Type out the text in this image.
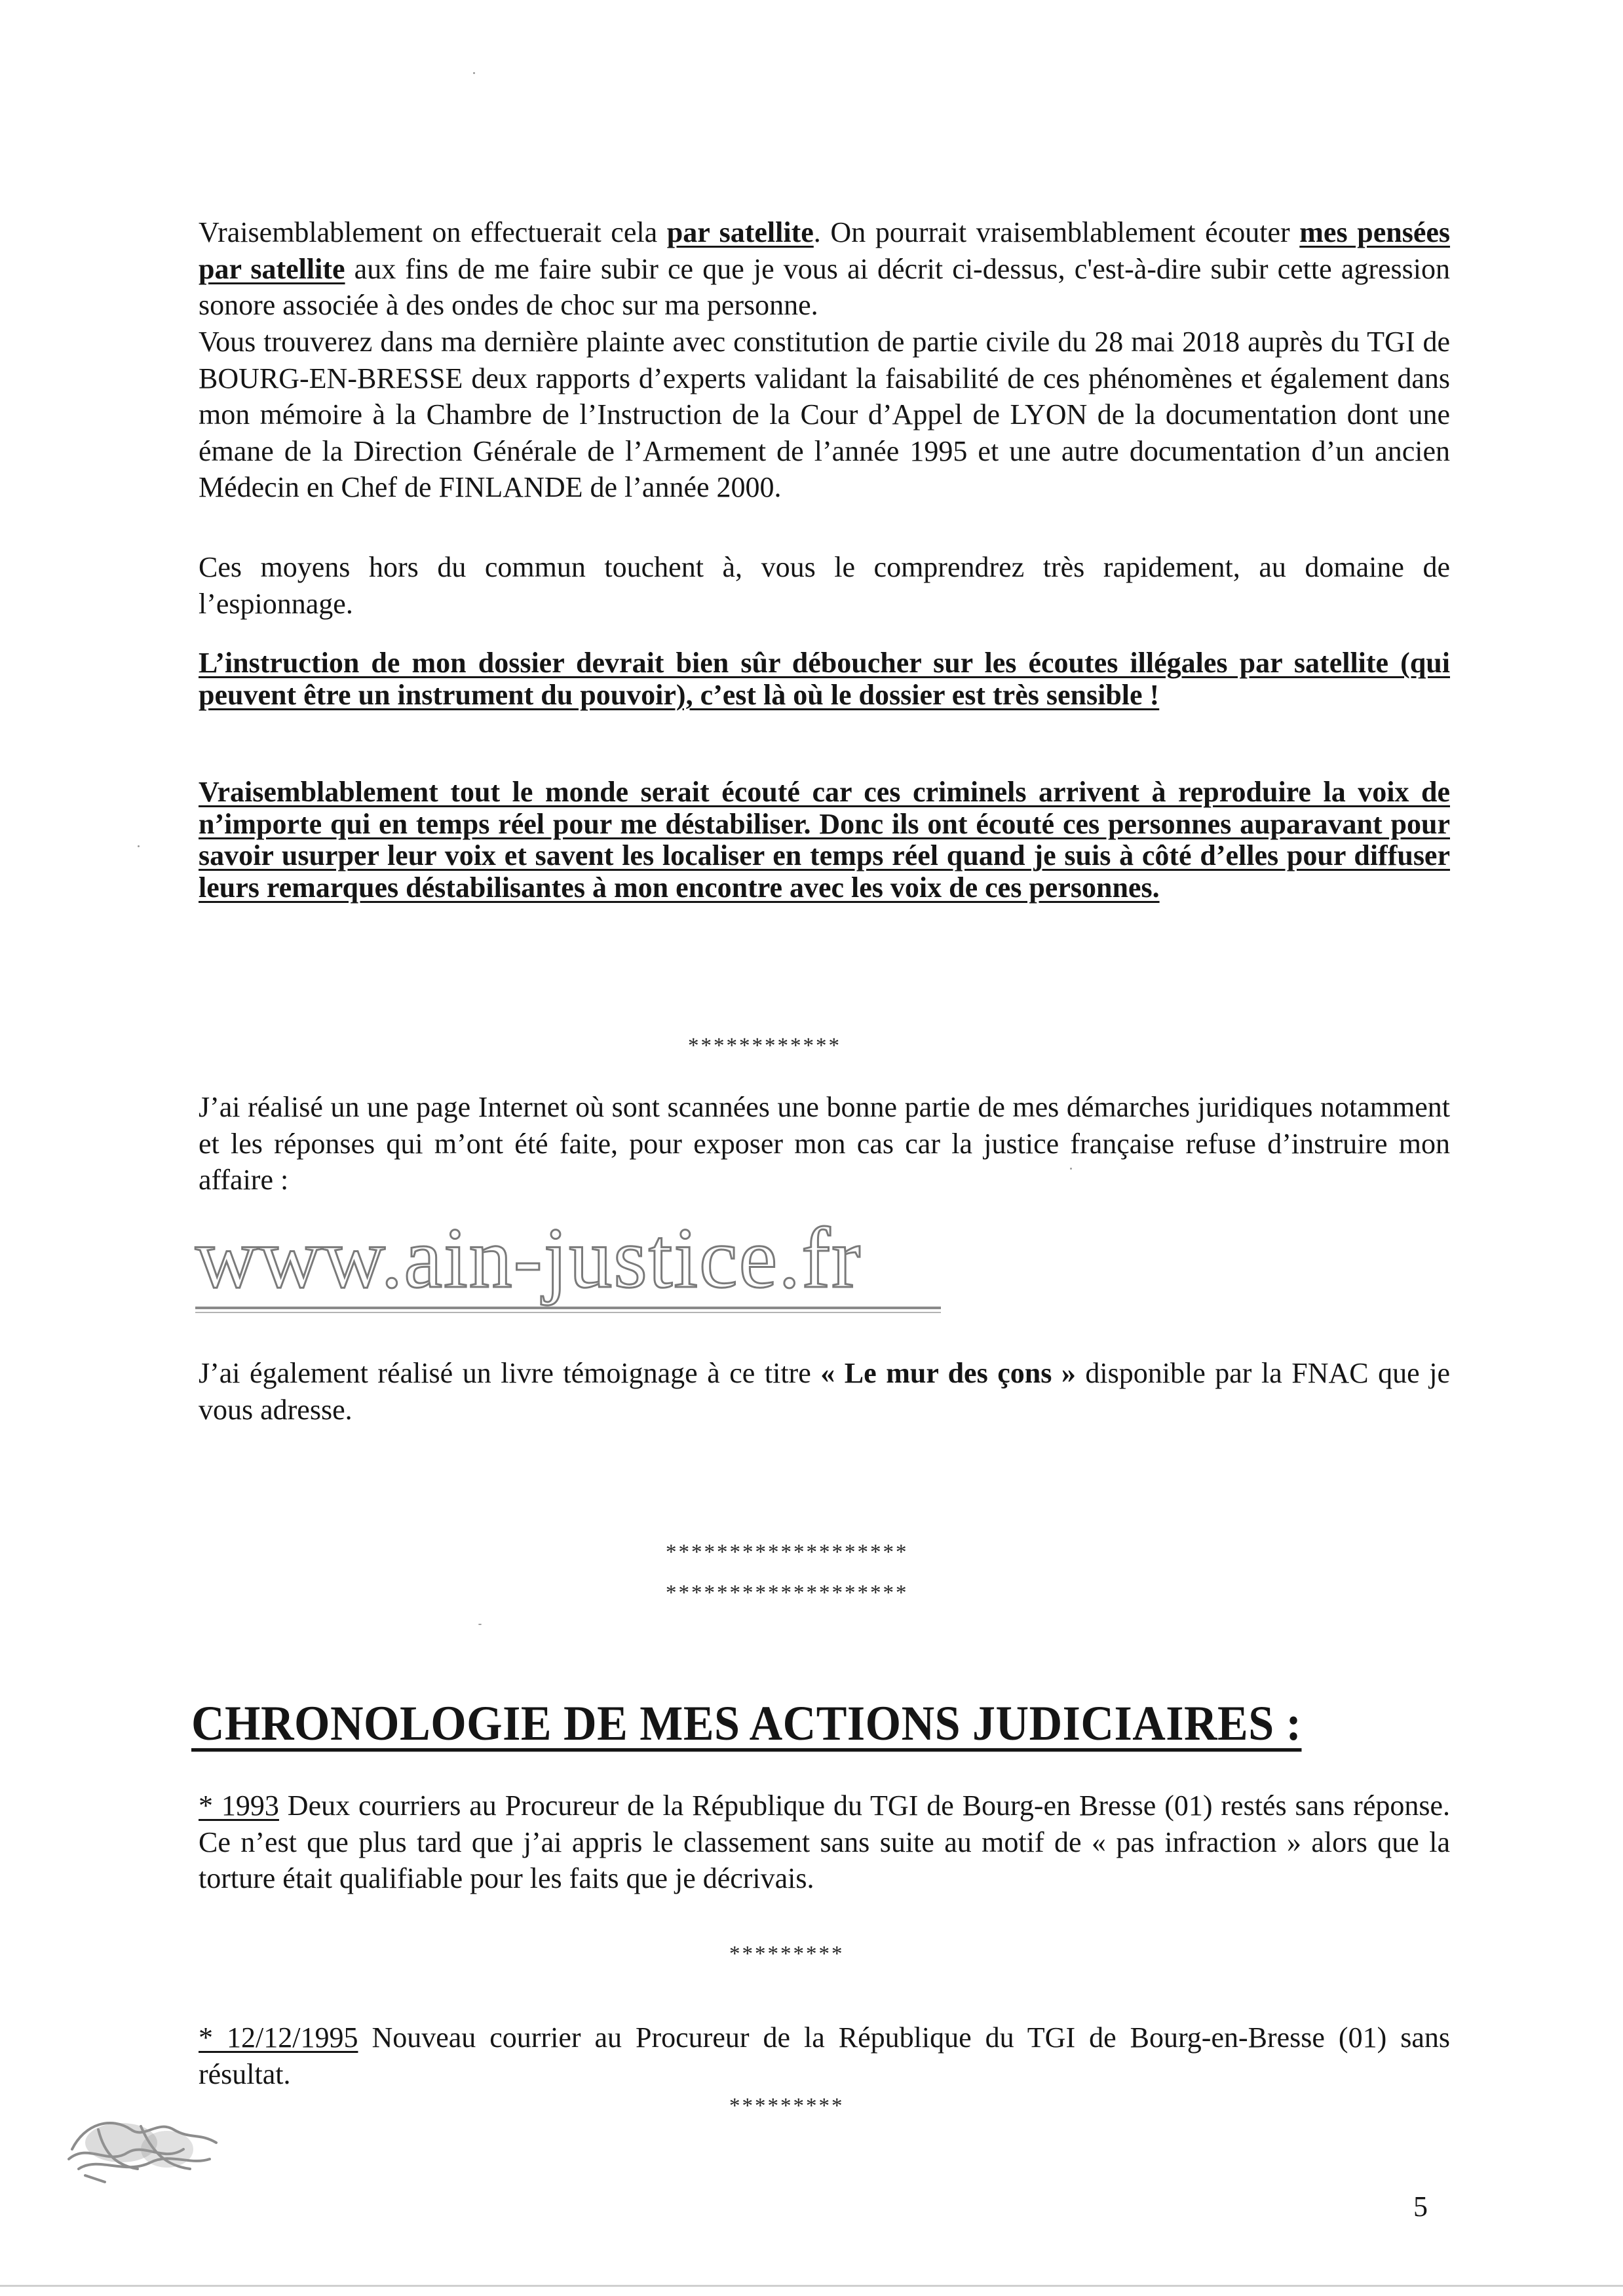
Vraisemblablement on effectuerait cela par satellite. On pourrait vraisemblablement écouter mes pensées par satellite aux fins de me faire subir ce que je vous ai décrit ci-dessus, c'est-à-dire subir cette agression sonore associée à des ondes de choc sur ma personne.

Vous trouverez dans ma dernière plainte avec constitution de partie civile du 28 mai 2018 auprès du TGI de BOURG-EN-BRESSE deux rapports d’experts validant la faisabilité de ces phénomènes et également dans mon mémoire à la Chambre de l’Instruction de la Cour d’Appel de LYON de la documentation dont une émane de la Direction Générale de l’Armement de l’année 1995 et une autre documentation d’un ancien Médecin en Chef de FINLANDE de l’année 2000.

Ces moyens hors du commun touchent à, vous le comprendrez très rapidement, au domaine de l’espionnage.

L’instruction de mon dossier devrait bien sûr déboucher sur les écoutes illégales par satellite (qui peuvent être un instrument du pouvoir), c’est là où le dossier est très sensible !

Vraisemblablement tout le monde serait écouté car ces criminels arrivent à reproduire la voix de n’importe qui en temps réel pour me déstabiliser. Donc ils ont écouté ces personnes auparavant pour savoir usurper leur voix et savent les localiser en temps réel quand je suis à côté d’elles pour diffuser leurs remarques déstabilisantes à mon encontre avec les voix de ces personnes.

************

J’ai réalisé un une page Internet où sont scannées une bonne partie de mes démarches juridiques notamment et les réponses qui m’ont été faite, pour exposer mon cas car la justice française refuse d’instruire mon affaire :

www.ain-justice.fr

J’ai également réalisé un livre témoignage à ce titre « Le mur des çons » disponible par la FNAC que je vous adresse.

*******************
*******************
CHRONOLOGIE DE MES ACTIONS JUDICIAIRES :

* 1993 Deux courriers au Procureur de la République du TGI de Bourg-en Bresse (01) restés sans réponse. Ce n’est que plus tard que j’ai appris le classement sans suite au motif de « pas infraction » alors que la torture était qualifiable pour les faits que je décrivais.

*********

* 12/12/1995 Nouveau courrier au Procureur de la République du TGI de Bourg-en-Bresse (01) sans résultat.

*********
5
